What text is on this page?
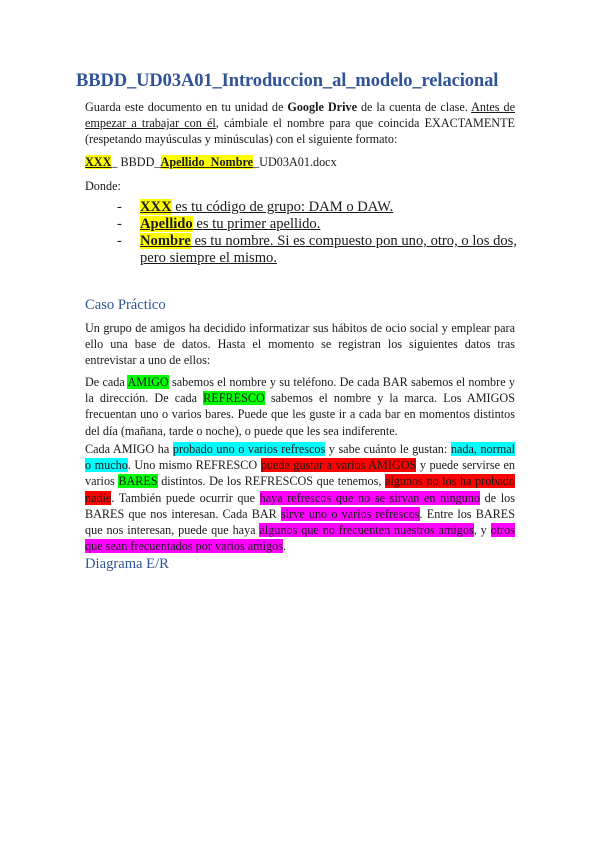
BBDD_UD03A01_Introduccion_al_modelo_relacional
Guarda este documento en tu unidad de Google Drive de la cuenta de clase. Antes de empezar a trabajar con él, cámbiale el nombre para que coincida EXACTAMENTE (respetando mayúsculas y minúsculas) con el siguiente formato:
XXX_ BBDD_Apellido_Nombre_UD03A01.docx
Donde:
- XXX es tu código de grupo: DAM o DAW.
- Apellido es tu primer apellido.
- Nombre es tu nombre. Si es compuesto pon uno, otro, o los dos, pero siempre el mismo.
Caso Práctico
Un grupo de amigos ha decidido informatizar sus hábitos de ocio social y emplear para ello una base de datos. Hasta el momento se registran los siguientes datos tras entrevistar a uno de ellos:
De cada AMIGO sabemos el nombre y su teléfono. De cada BAR sabemos el nombre y la dirección. De cada REFRESCO sabemos el nombre y la marca. Los AMIGOS frecuentan uno o varios bares. Puede que les guste ir a cada bar en momentos distintos del día (mañana, tarde o noche), o puede que les sea indiferente.
Cada AMIGO ha probado uno o varios refrescos y sabe cuánto le gustan: nada, normal o mucho. Uno mismo REFRESCO puede gustar a varios AMIGOS y puede servirse en varios BARES distintos. De los REFRESCOS que tenemos, algunos no los ha probado nadie. También puede ocurrir que haya refrescos que no se sirvan en ninguno de los BARES que nos interesan. Cada BAR sirve uno o varios refrescos. Entre los BARES que nos interesan, puede que haya algunos que no frecuenten nuestros amigos, y otros que sean frecuentados por varios amigos.
Diagrama E/R
